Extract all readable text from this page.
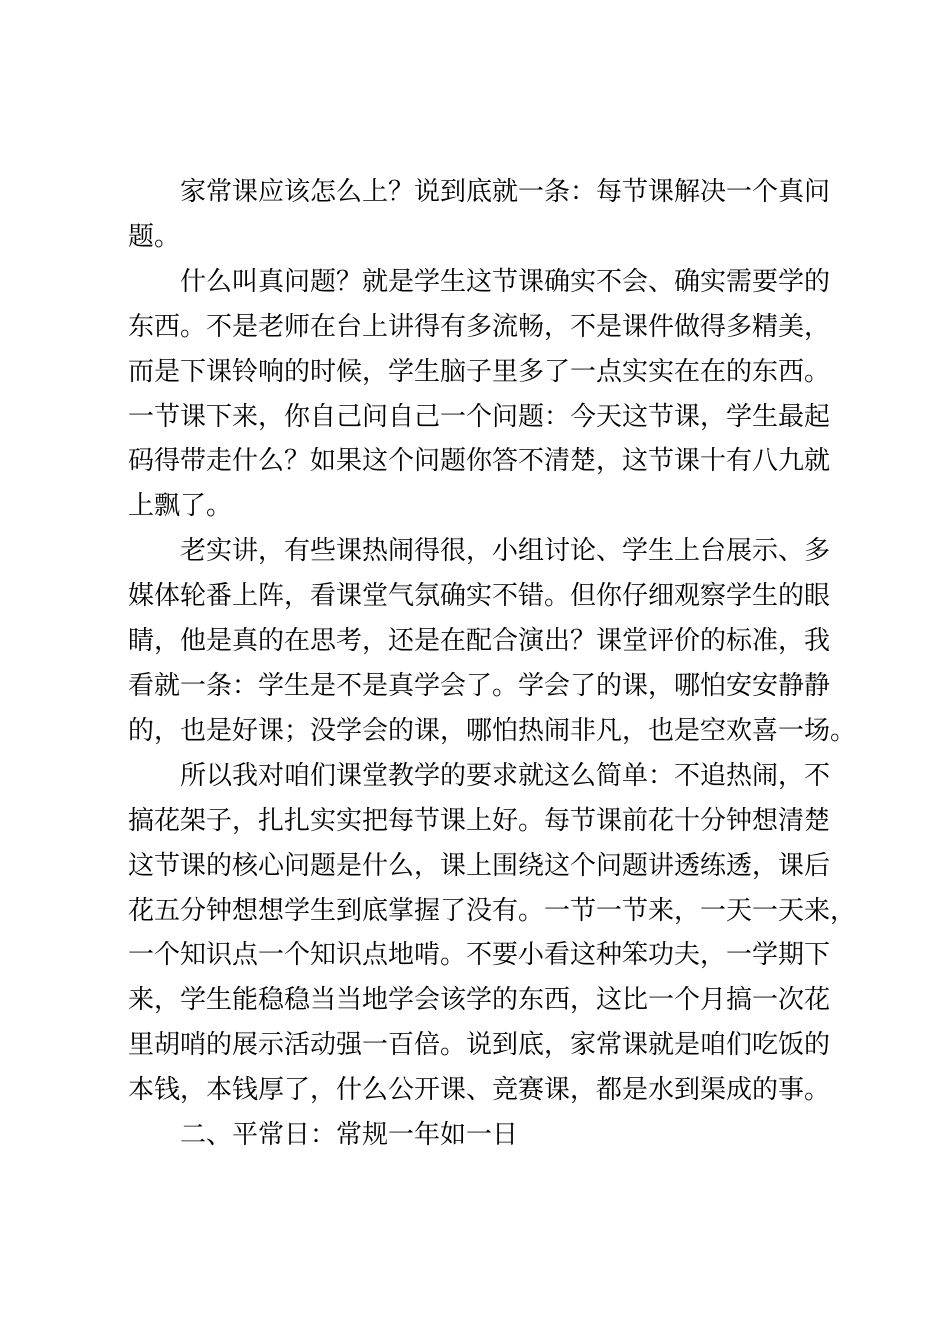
家常课应该怎么上？说到底就一条：每节课解决一个真问
题。
什么叫真问题？就是学生这节课确实不会、确实需要学的
东西。不是老师在台上讲得有多流畅，不是课件做得多精美，
而是下课铃响的时候，学生脑子里多了一点实实在在的东西。
一节课下来，你自己问自己一个问题：今天这节课，学生最起
码得带走什么？如果这个问题你答不清楚，这节课十有八九就
上飘了。
老实讲，有些课热闹得很，小组讨论、学生上台展示、多
媒体轮番上阵，看课堂气氛确实不错。但你仔细观察学生的眼
睛，他是真的在思考，还是在配合演出？课堂评价的标准，我
看就一条：学生是不是真学会了。学会了的课，哪怕安安静静
的，也是好课；没学会的课，哪怕热闹非凡，也是空欢喜一场。
所以我对咱们课堂教学的要求就这么简单：不追热闹，不
搞花架子，扎扎实实把每节课上好。每节课前花十分钟想清楚
这节课的核心问题是什么，课上围绕这个问题讲透练透，课后
花五分钟想想学生到底掌握了没有。一节一节来，一天一天来，
一个知识点一个知识点地啃。不要小看这种笨功夫，一学期下
来，学生能稳稳当当地学会该学的东西，这比一个月搞一次花
里胡哨的展示活动强一百倍。说到底，家常课就是咱们吃饭的
本钱，本钱厚了，什么公开课、竞赛课，都是水到渠成的事。
二、平常日：常规一年如一日
